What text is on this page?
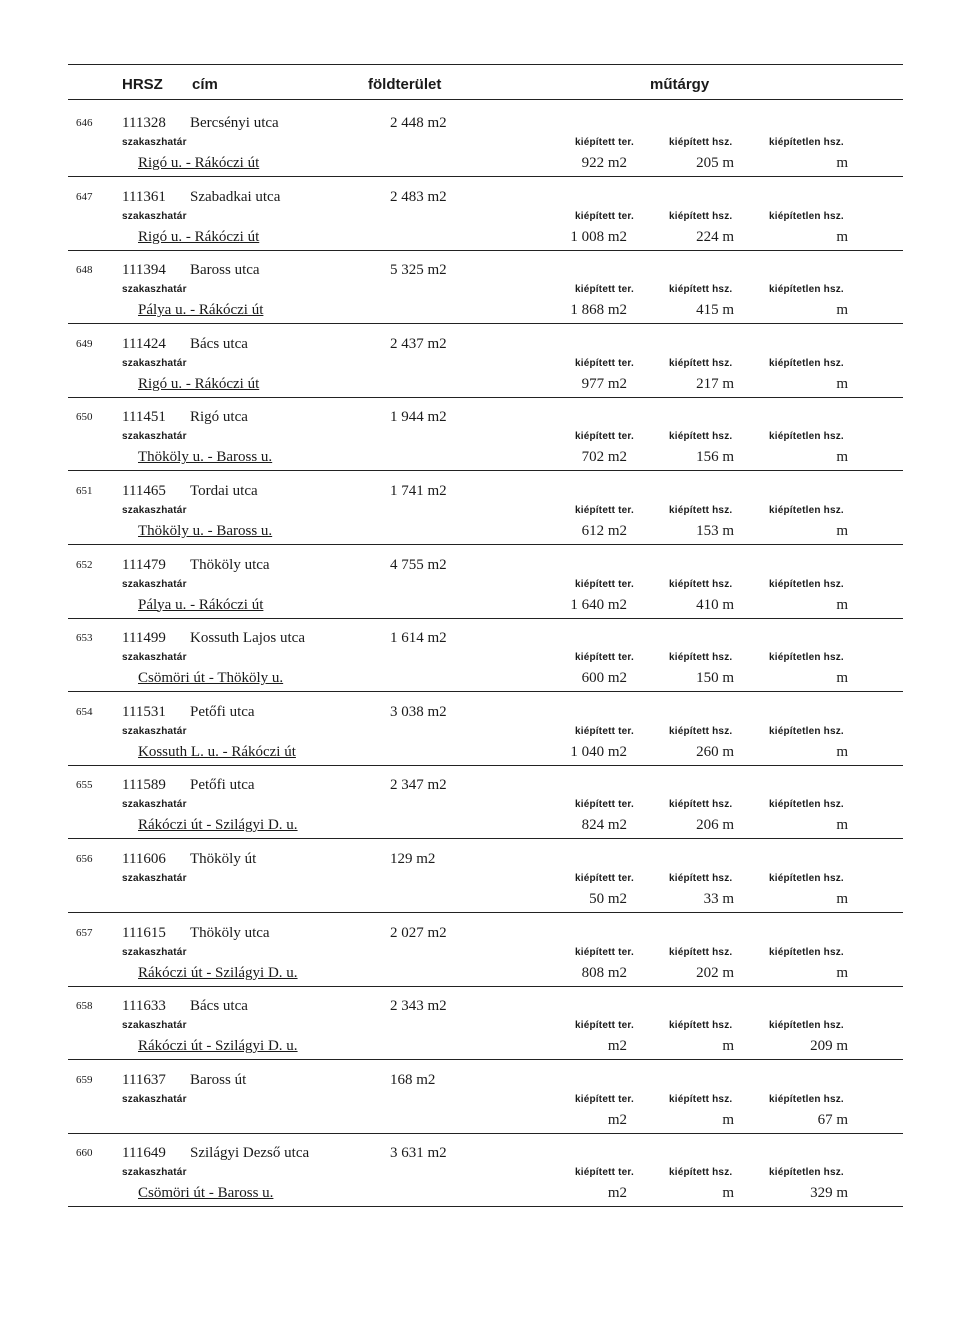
HRSZ cím	földterület	műtárgy
646 111328 Bercsényi utca	2 448 m2
szakaszhatár	kiépített ter.	kiépített hsz.	kiépítetlen hsz.
Rigó u. - Rákóczi út	922 m2	205 m	m
647 111361 Szabadkai utca	2 483 m2
szakaszhatár	kiépített ter.	kiépített hsz.	kiépítetlen hsz.
Rigó u. - Rákóczi út	1 008 m2	224 m	m
648 111394 Baross utca	5 325 m2
szakaszhatár	kiépített ter.	kiépített hsz.	kiépítetlen hsz.
Pálya u. - Rákóczi út	1 868 m2	415 m	m
649 111424 Bács utca	2 437 m2
szakaszhatár	kiépített ter.	kiépített hsz.	kiépítetlen hsz.
Rigó u. - Rákóczi út	977 m2	217 m	m
650 111451 Rigó utca	1 944 m2
szakaszhatár	kiépített ter.	kiépített hsz.	kiépítetlen hsz.
Thököly u. - Baross u.	702 m2	156 m	m
651 111465 Tordai utca	1 741 m2
szakaszhatár	kiépített ter.	kiépített hsz.	kiépítetlen hsz.
Thököly u. - Baross u.	612 m2	153 m	m
652 111479 Thököly utca	4 755 m2
szakaszhatár	kiépített ter.	kiépített hsz.	kiépítetlen hsz.
Pálya u. - Rákóczi út	1 640 m2	410 m	m
653 111499 Kossuth Lajos utca	1 614 m2
szakaszhatár	kiépített ter.	kiépített hsz.	kiépítetlen hsz.
Csömöri út - Thököly u.	600 m2	150 m	m
654 111531 Petőfi utca	3 038 m2
szakaszhatár	kiépített ter.	kiépített hsz.	kiépítetlen hsz.
Kossuth L. u. - Rákóczi út	1 040 m2	260 m	m
655 111589 Petőfi utca	2 347 m2
szakaszhatár	kiépített ter.	kiépített hsz.	kiépítetlen hsz.
Rákóczi út - Szilágyi D. u.	824 m2	206 m	m
656 111606 Thököly út	129 m2
szakaszhatár	kiépített ter.	kiépített hsz.	kiépítetlen hsz.
50 m2	33 m	m
657 111615 Thököly utca	2 027 m2
szakaszhatár	kiépített ter.	kiépített hsz.	kiépítetlen hsz.
Rákóczi út - Szilágyi D. u.	808 m2	202 m	m
658 111633 Bács utca	2 343 m2
szakaszhatár	kiépített ter.	kiépített hsz.	kiépítetlen hsz.
Rákóczi út - Szilágyi D. u.	m2	m	209 m
659 111637 Baross út	168 m2
szakaszhatár	kiépített ter.	kiépített hsz.	kiépítetlen hsz.
m2	m	67 m
660 111649 Szilágyi Dezső utca	3 631 m2
szakaszhatár	kiépített ter.	kiépített hsz.	kiépítetlen hsz.
Csömöri út - Baross u.	m2	m	329 m
